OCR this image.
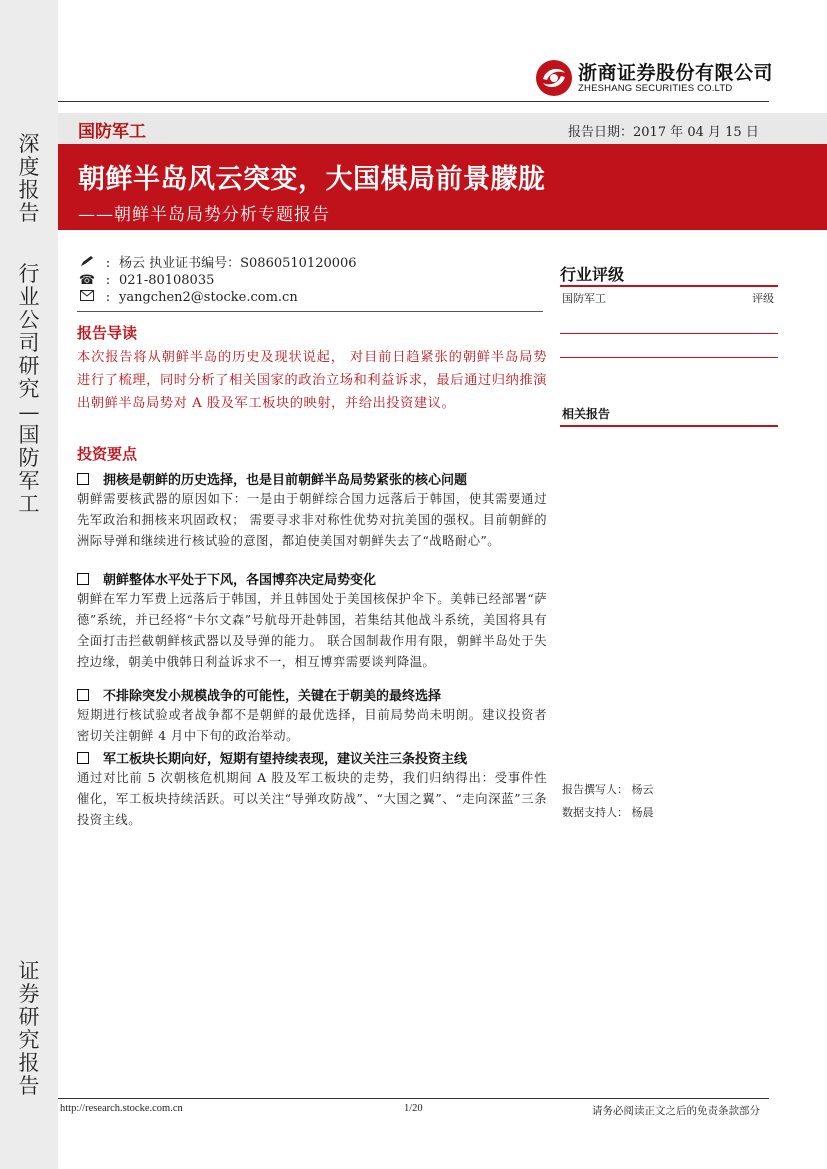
深
度
报
告
行
业
公
司
研
究
—
国
防
军
工
证
券
研
究
报
告
浙商证券股份有限公司
ZHESHANG SECURITIES CO.LTD
国防军工	报告日期：2017 年 04 月 15 日
朝鲜半岛风云突变，大国棋局前景朦胧
——朝鲜半岛局势分析专题报告
: 杨云 执业证书编号：S0860510120006
☎ : 021-80108035
: yangchen2@stocke.com.cn
报告导读
本次报告将从朝鲜半岛的历史及现状说起， 对目前日趋紧张的朝鲜半岛局势进行了梳理，同时分析了相关国家的政治立场和利益诉求，最后通过归纳推演出朝鲜半岛局势对 A 股及军工板块的映射，并给出投资建议。
投资要点
拥核是朝鲜的历史选择，也是目前朝鲜半岛局势紧张的核心问题
朝鲜需要核武器的原因如下：一是由于朝鲜综合国力远落后于韩国，使其需要通过先军政治和拥核来巩固政权； 需要寻求非对称性优势对抗美国的强权。目前朝鲜的洲际导弹和继续进行核试验的意图，都迫使美国对朝鲜失去了“战略耐心”。
朝鲜整体水平处于下风，各国博弈决定局势变化
朝鲜在军力军费上远落后于韩国，并且韩国处于美国核保护伞下。美韩已经部署“萨德”系统，并已经将“卡尔文森”号航母开赴韩国，若集结其他战斗系统，美国将具有全面打击拦截朝鲜核武器以及导弹的能力。 联合国制裁作用有限，朝鲜半岛处于失控边缘，朝美中俄韩日利益诉求不一，相互博弈需要谈判降温。
不排除突发小规模战争的可能性，关键在于朝美的最终选择
短期进行核试验或者战争都不是朝鲜的最优选择，目前局势尚未明朗。建议投资者密切关注朝鲜 4 月中下旬的政治举动。
军工板块长期向好，短期有望持续表现，建议关注三条投资主线
通过对比前 5 次朝核危机期间 A 股及军工板块的走势，我们归纳得出：受事件性催化，军工板块持续活跃。可以关注“导弹攻防战”、“大国之翼”、“走向深蓝”三条投资主线。
行业评级
国防军工	评级
相关报告
报告撰写人： 杨云
数据支持人： 杨晨
http://research.stocke.com.cn	1/20	请务必阅读正文之后的免责条款部分
